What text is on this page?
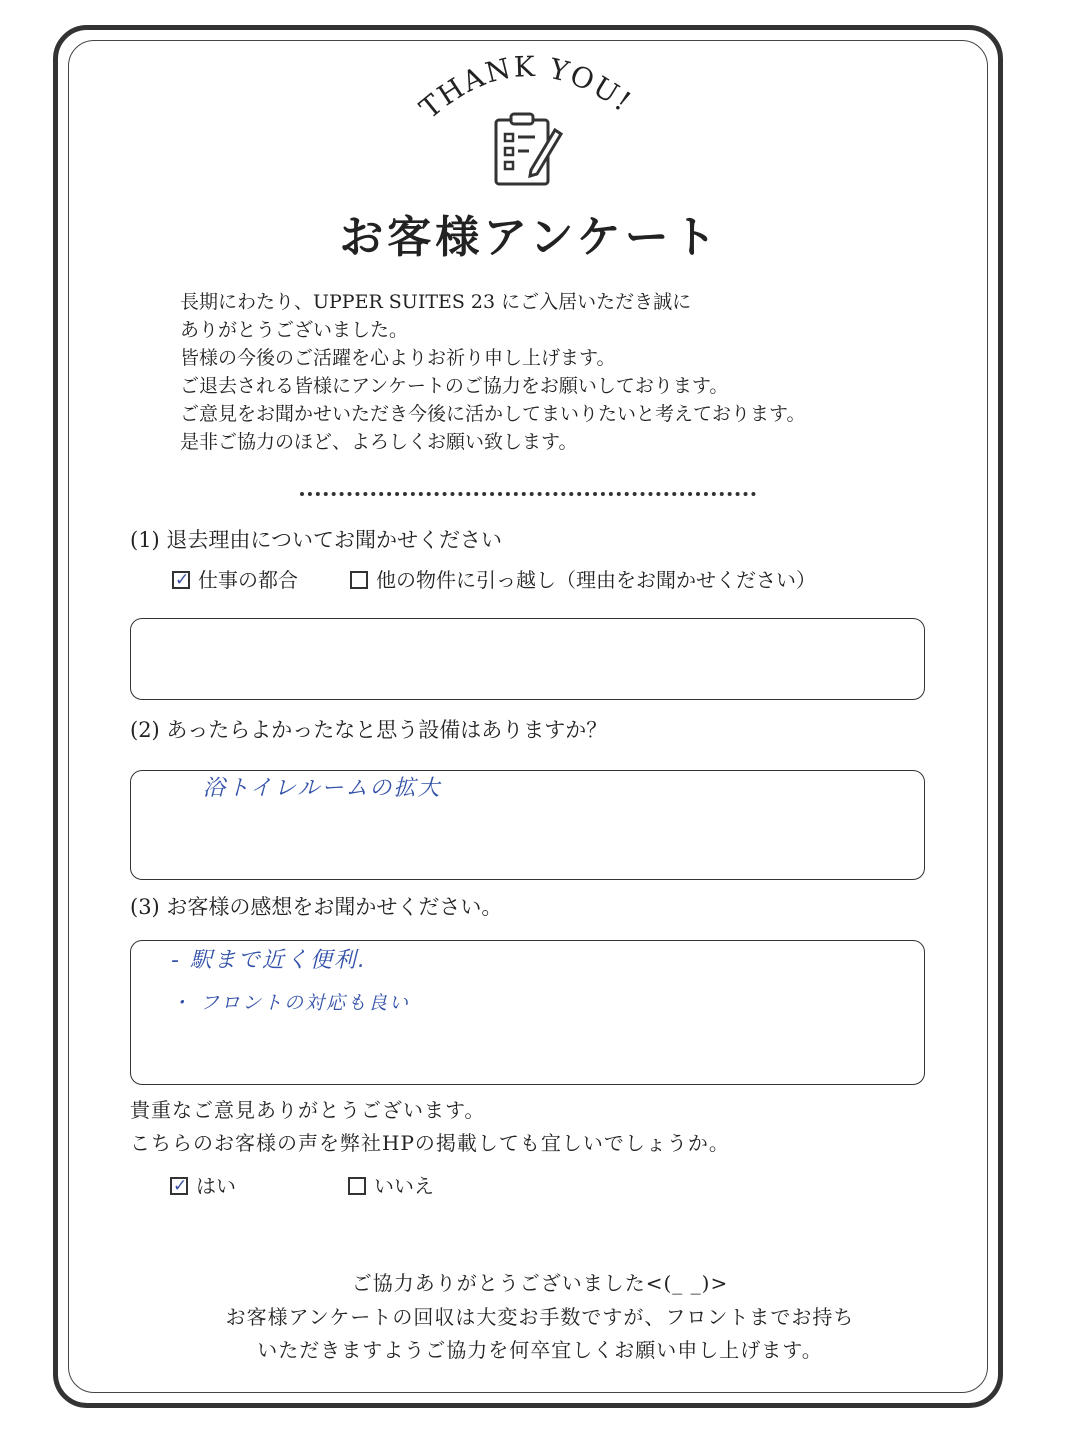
THANK YOU!
お客様アンケート
長期にわたり、UPPER SUITES 23 にご入居いただき誠に
ありがとうございました。
皆様の今後のご活躍を心よりお祈り申し上げます。
ご退去される皆様にアンケートのご協力をお願いしております。
ご意見をお聞かせいただき今後に活かしてまいりたいと考えております。
是非ご協力のほど、よろしくお願い致します。
(1) 退去理由についてお聞かせください
✓
仕事の都合	他の物件に引っ越し（理由をお聞かせください）
(2) あったらよかったなと思う設備はありますか？
浴トイレルームの拡大
(3) お客様の感想をお聞かせください。
- 駅まで近く便利.
・ フロントの対応も良い
貴重なご意見ありがとうございます。
こちらのお客様の声を弊社HPの掲載しても宜しいでしょうか。
✓
はい	いいえ
ご協力ありがとうございました<(_ _)>
お客様アンケートの回収は大変お手数ですが、フロントまでお持ち
いただきますようご協力を何卒宜しくお願い申し上げます。
